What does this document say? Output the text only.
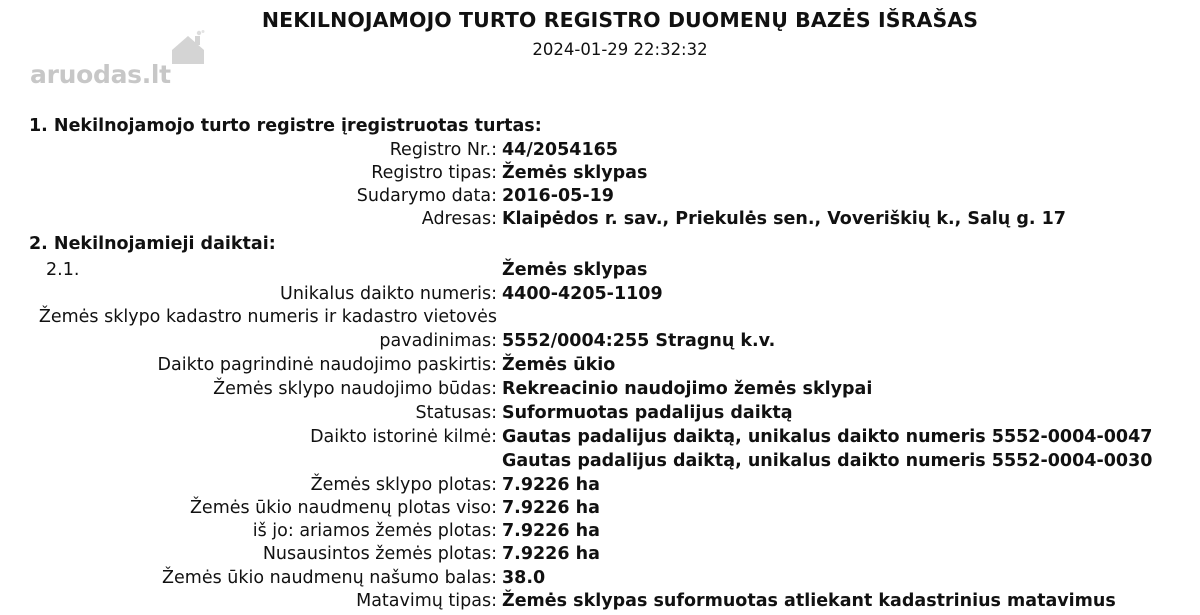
NEKILNOJAMOJO TURTO REGISTRO DUOMENŲ BAZĖS IŠRAŠAS
2024-01-29 22:32:32
aruodas.lt
1. Nekilnojamojo turto registre įregistruotas turtas:
Registro Nr.: 44/2054165
Registro tipas: Žemės sklypas
Sudarymo data: 2016-05-19
Adresas: Klaipėdos r. sav., Priekulės sen., Voveriškių k., Salų g. 17
2. Nekilnojamieji daiktai:
2.1.	Žemės sklypas
Unikalus daikto numeris: 4400-4205-1109
Žemės sklypo kadastro numeris ir kadastro vietovės
pavadinimas: 5552/0004:255 Stragnų k.v.
Daikto pagrindinė naudojimo paskirtis: Žemės ūkio
Žemės sklypo naudojimo būdas: Rekreacinio naudojimo žemės sklypai
Statusas: Suformuotas padalijus daiktą
Daikto istorinė kilmė: Gautas padalijus daiktą, unikalus daikto numeris 5552-0004-0047
Gautas padalijus daiktą, unikalus daikto numeris 5552-0004-0030
Žemės sklypo plotas: 7.9226 ha
Žemės ūkio naudmenų plotas viso: 7.9226 ha
iš jo: ariamos žemės plotas: 7.9226 ha
Nusausintos žemės plotas: 7.9226 ha
Žemės ūkio naudmenų našumo balas: 38.0
Matavimų tipas: Žemės sklypas suformuotas atliekant kadastrinius matavimus
